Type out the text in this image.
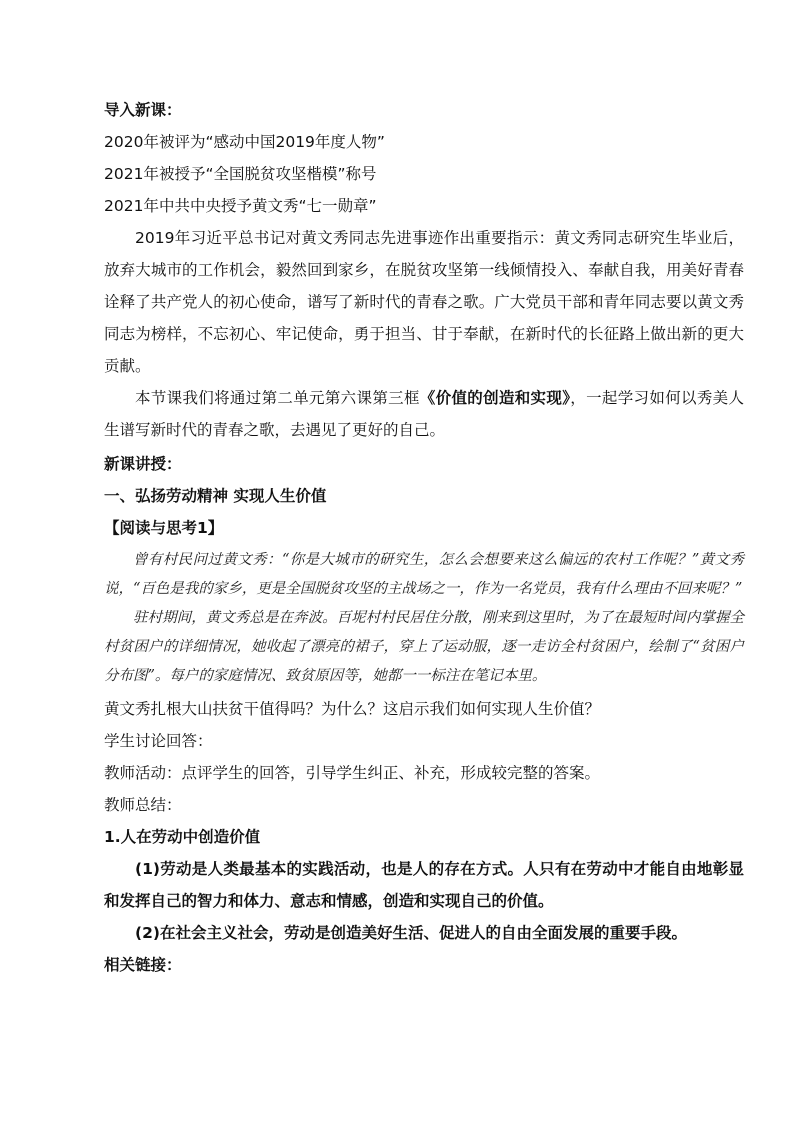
导入新课：

2020年被评为“感动中国2019年度人物”

2021年被授予“全国脱贫攻坚楷模”称号

2021年中共中央授予黄文秀“七一勋章”

2019年习近平总书记对黄文秀同志先进事迹作出重要指示：黄文秀同志研究生毕业后，放弃大城市的工作机会，毅然回到家乡，在脱贫攻坚第一线倾情投入、奉献自我，用美好青春诠释了共产党人的初心使命，谱写了新时代的青春之歌。广大党员干部和青年同志要以黄文秀同志为榜样，不忘初心、牢记使命，勇于担当、甘于奉献，在新时代的长征路上做出新的更大贡献。

本节课我们将通过第二单元第六课第三框《价值的创造和实现》，一起学习如何以秀美人生谱写新时代的青春之歌，去遇见了更好的自己。

新课讲授：

一、弘扬劳动精神 实现人生价值

【阅读与思考1】

曾有村民问过黄文秀：“你是大城市的研究生，怎么会想要来这么偏远的农村工作呢？”黄文秀说，“百色是我的家乡，更是全国脱贫攻坚的主战场之一，作为一名党员，我有什么理由不回来呢？”

驻村期间，黄文秀总是在奔波。百坭村村民居住分散，刚来到这里时，为了在最短时间内掌握全村贫困户的详细情况，她收起了漂亮的裙子，穿上了运动服，逐一走访全村贫困户，绘制了“贫困户分布图”。每户的家庭情况、致贫原因等，她都一一标注在笔记本里。

黄文秀扎根大山扶贫干值得吗？为什么？这启示我们如何实现人生价值？

学生讨论回答：

教师活动：点评学生的回答，引导学生纠正、补充，形成较完整的答案。

教师总结：

1.人在劳动中创造价值

(1)劳动是人类最基本的实践活动，也是人的存在方式。人只有在劳动中才能自由地彰显和发挥自己的智力和体力、意志和情感，创造和实现自己的价值。

(2)在社会主义社会，劳动是创造美好生活、促进人的自由全面发展的重要手段。

相关链接：
